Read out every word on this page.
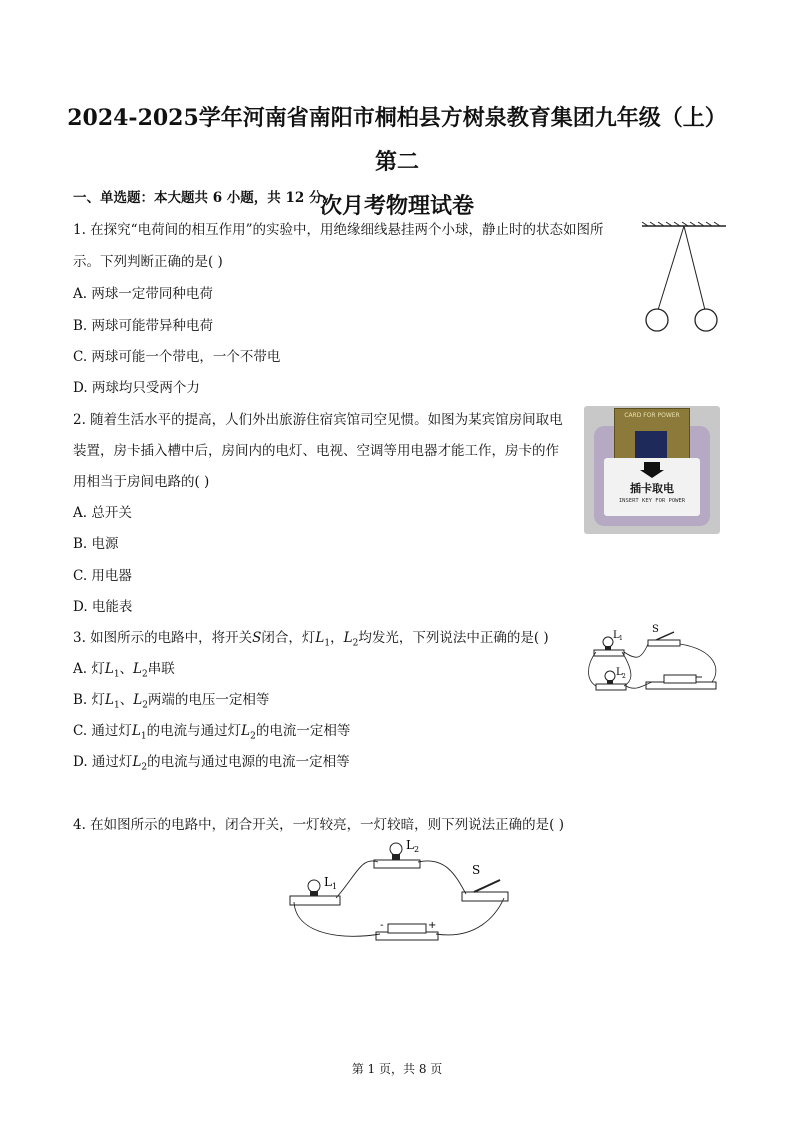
2024-2025学年河南省南阳市桐柏县方树泉教育集团九年级（上）第二
次月考物理试卷
一、单选题：本大题共 6 小题，共 12 分。
1. 在探究“电荷间的相互作用”的实验中，用绝缘细线悬挂两个小球，静止时的状态如图所
示。下列判断正确的是( )
A. 两球一定带同种电荷
B. 两球可能带异种电荷
C. 两球可能一个带电，一个不带电
D. 两球均只受两个力
2. 随着生活水平的提高，人们外出旅游住宿宾馆司空见惯。如图为某宾馆房间取电
装置，房卡插入槽中后，房间内的电灯、电视、空调等用电器才能工作，房卡的作
用相当于房间电路的( )
A. 总开关
B. 电源
C. 用电器
D. 电能表
CARD FOR POWER
插卡取电
INSERT KEY FOR POWER
3. 如图所示的电路中，将开关S闭合，灯$L_1$，$L_2$均发光，下列说法中正确的是( )
A. 灯$L_1$、$L_2$串联
B. 灯$L_1$、$L_2$两端的电压一定相等
C. 通过灯$L_1$的电流与通过灯$L_2$的电流一定相等
D. 通过灯$L_2$的电流与通过电源的电流一定相等
L 1
L 2
S
4. 在如图所示的电路中，闭合开关，一灯较亮，一灯较暗，则下列说法正确的是( )
L 2
L 1
S
-	+
第 1 页，共 8 页
